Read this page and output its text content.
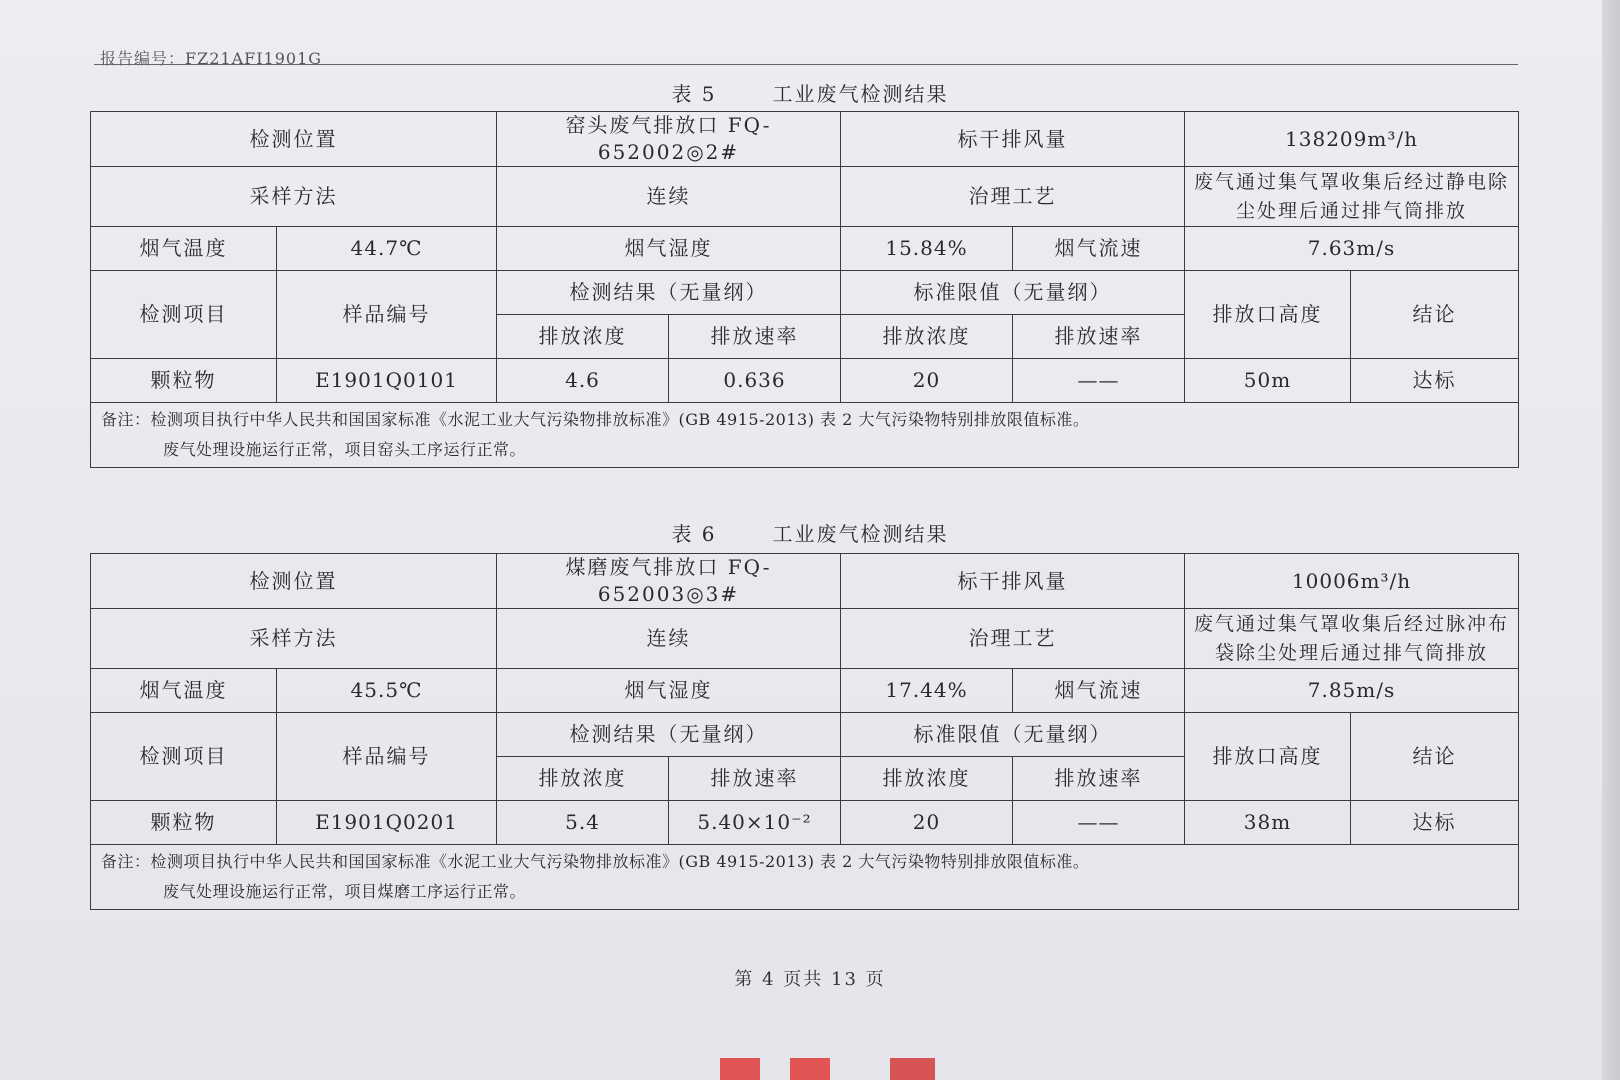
报告编号：FZ21AFI1901G
表 5	工业废气检测结果
检测位置		窑头废气排放口 FQ-652002◎2#		标干排风量		138209m³/h	
采样方法		连续		治理工艺		废气通过集气罩收集后经过静电除尘处理后通过排气筒排放	
烟气温度	44.7℃	烟气湿度		15.84%	烟气流速	7.63m/s	
检测项目	样品编号	检测结果（无量纲）		标准限值（无量纲）		排放口高度	结论
		排放浓度	排放速率	排放浓度	排放速率		
颗粒物	E1901Q0101	4.6	0.636	20	——	50m	达标
备注：检测项目执行中华人民共和国国家标准《水泥工业大气污染物排放标准》(GB 4915-2013) 表 2 大气污染物特别排放限值标准。
废气处理设施运行正常，项目窑头工序运行正常。							
表 6	工业废气检测结果
检测位置		煤磨废气排放口 FQ-652003◎3#		标干排风量		10006m³/h	
采样方法		连续		治理工艺		废气通过集气罩收集后经过脉冲布袋除尘处理后通过排气筒排放	
烟气温度	45.5℃	烟气湿度		17.44%	烟气流速	7.85m/s	
检测项目	样品编号	检测结果（无量纲）		标准限值（无量纲）		排放口高度	结论
		排放浓度	排放速率	排放浓度	排放速率		
颗粒物	E1901Q0201	5.4	5.40×10⁻²	20	——	38m	达标
备注：检测项目执行中华人民共和国国家标准《水泥工业大气污染物排放标准》(GB 4915-2013) 表 2 大气污染物特别排放限值标准。
废气处理设施运行正常，项目煤磨工序运行正常。							
第 4 页共 13 页
